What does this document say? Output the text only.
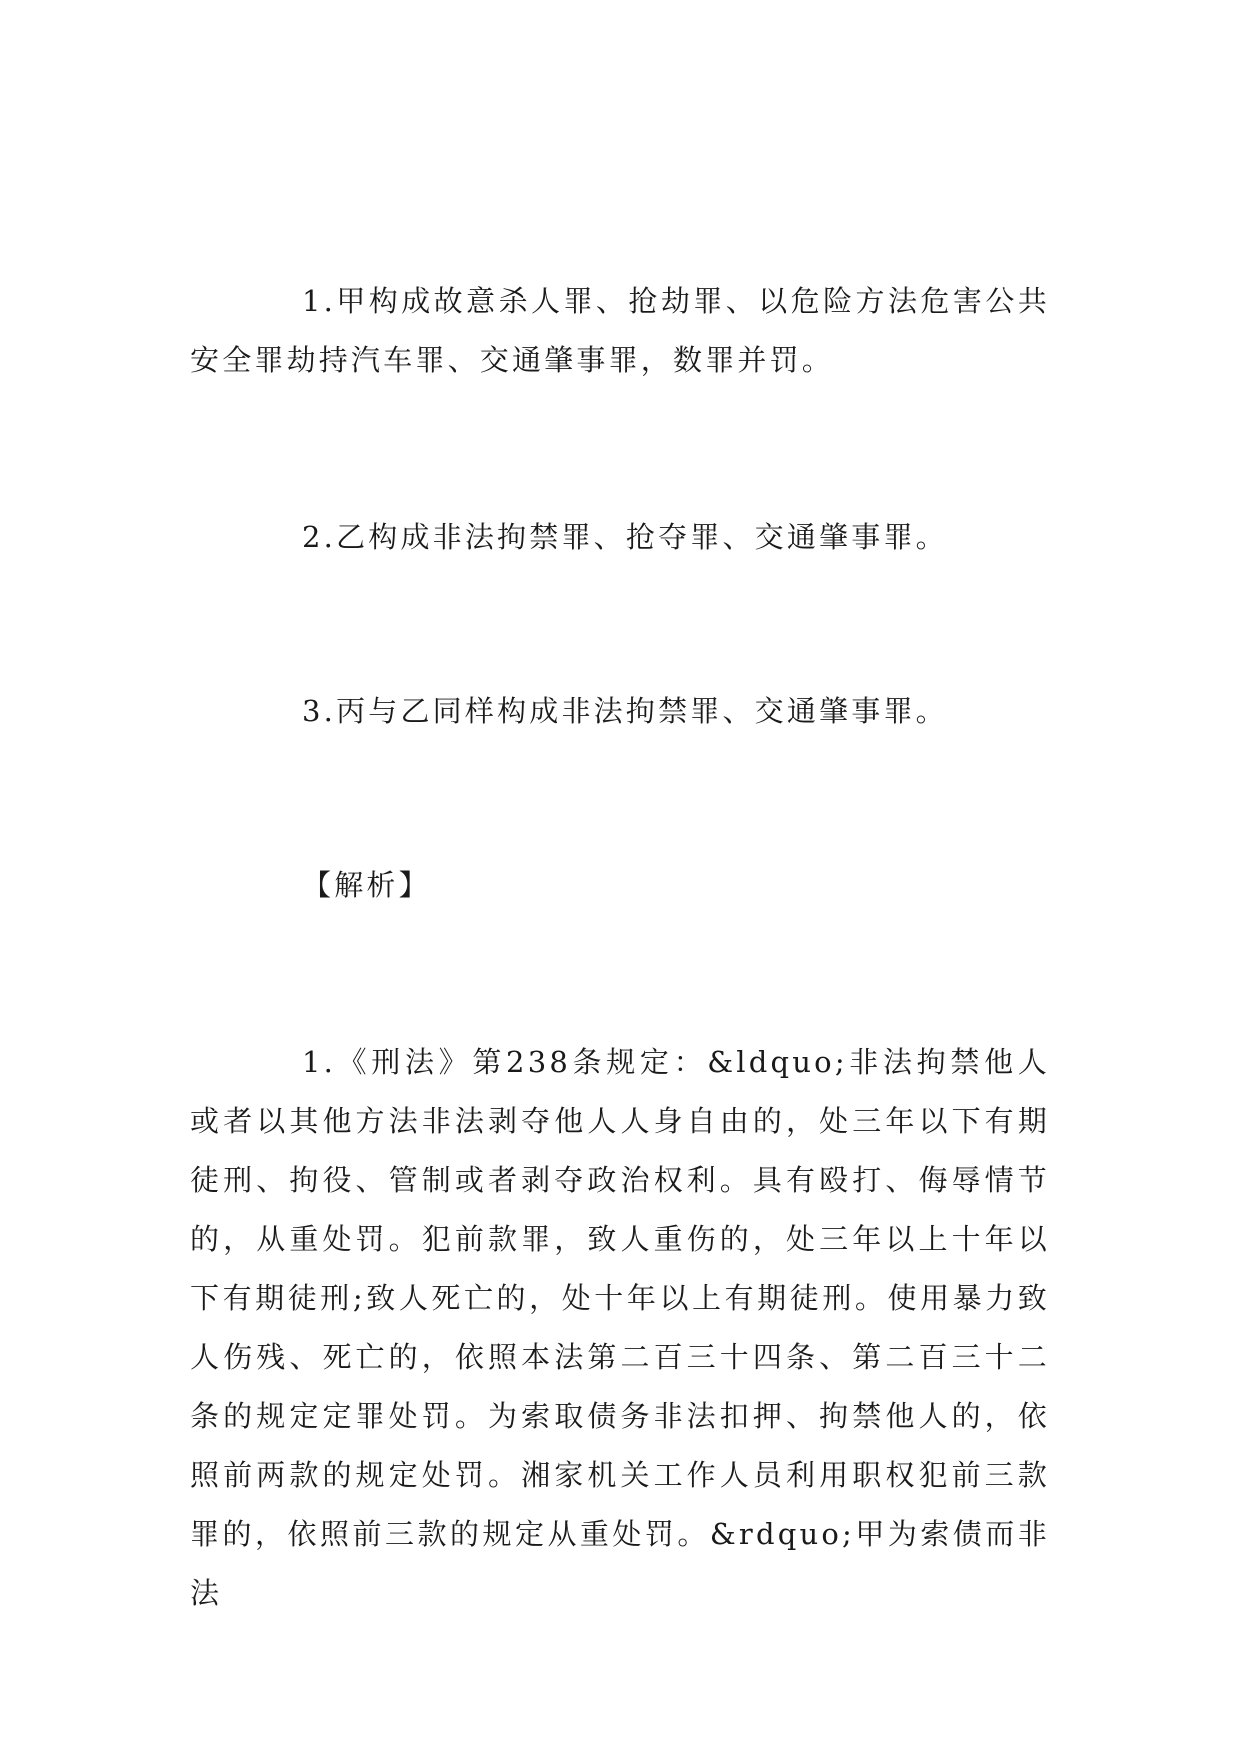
1.甲构成故意杀人罪、抢劫罪、以危险方法危害公共安全罪劫持汽车罪、交通肇事罪，数罪并罚。

2.乙构成非法拘禁罪、抢夺罪、交通肇事罪。

3.丙与乙同样构成非法拘禁罪、交通肇事罪。

【解析】

1.《刑法》第238条规定：&ldquo;非法拘禁他人或者以其他方法非法剥夺他人人身自由的，处三年以下有期徒刑、拘役、管制或者剥夺政治权利。具有殴打、侮辱情节的，从重处罚。犯前款罪，致人重伤的，处三年以上十年以下有期徒刑;致人死亡的，处十年以上有期徒刑。使用暴力致人伤残、死亡的，依照本法第二百三十四条、第二百三十二条的规定定罪处罚。为索取债务非法扣押、拘禁他人的，依照前两款的规定处罚。湘家机关工作人员利用职权犯前三款罪的，依照前三款的规定从重处罚。&rdquo;甲为索债而非法
